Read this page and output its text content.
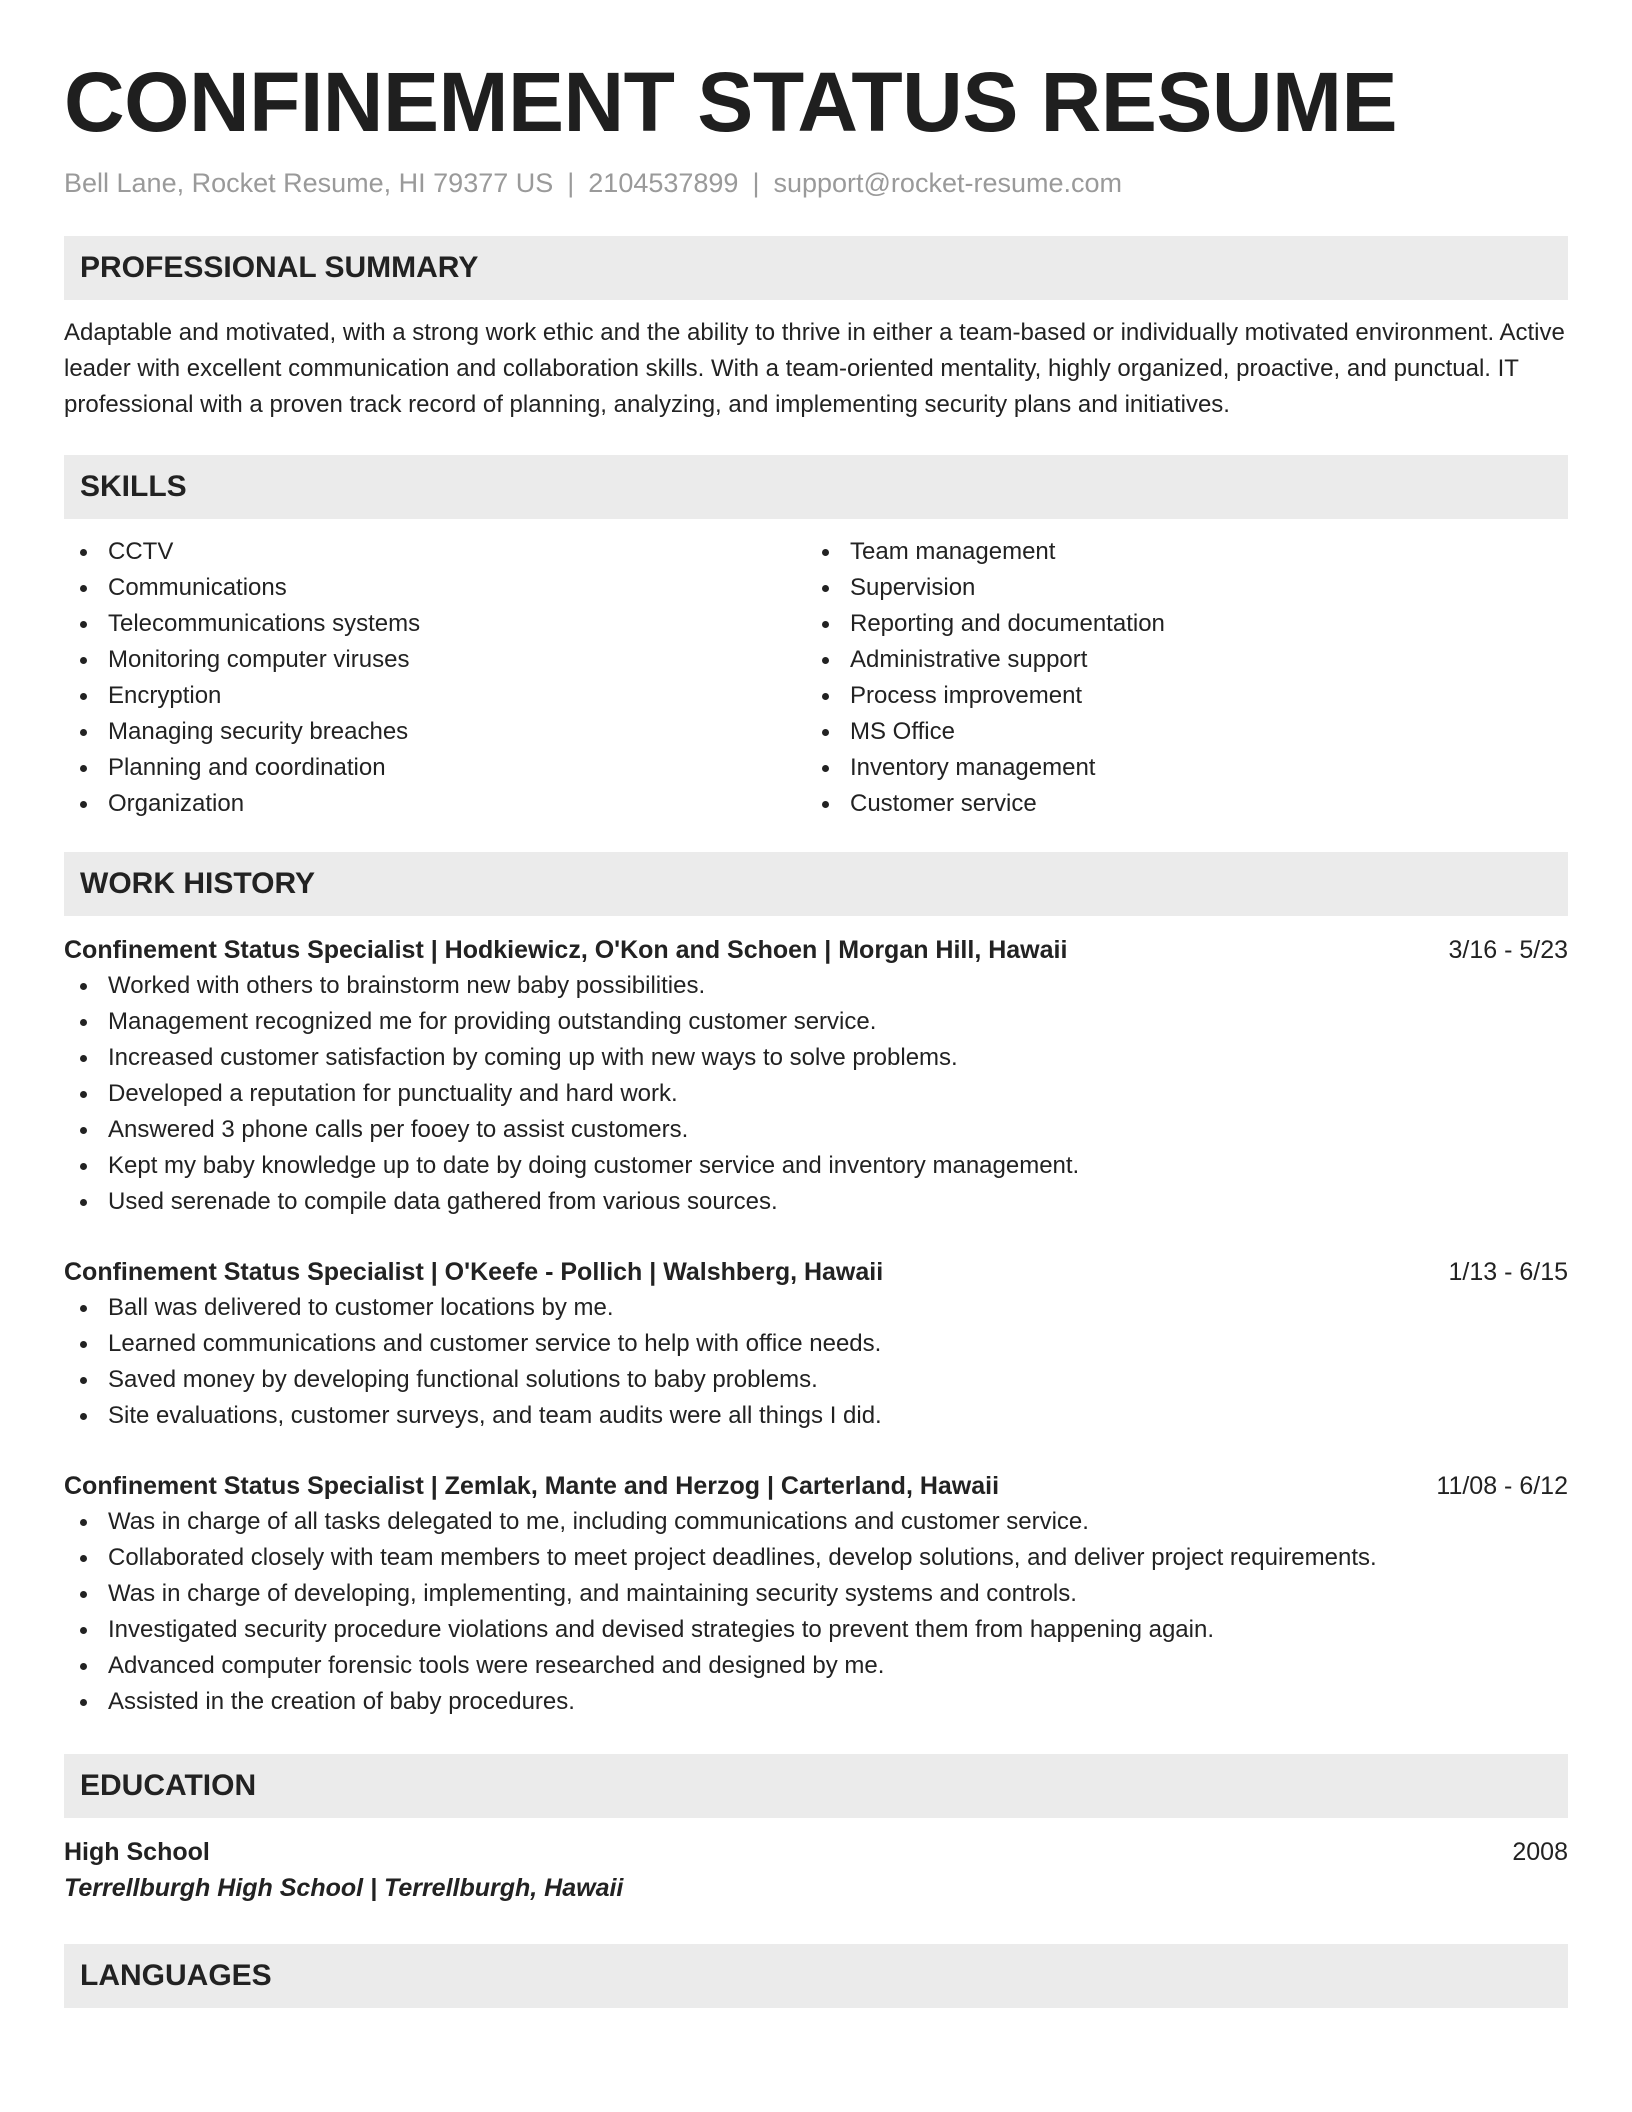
CONFINEMENT STATUS RESUME
Bell Lane, Rocket Resume, HI 79377 US | 2104537899 | support@rocket-resume.com
PROFESSIONAL SUMMARY
Adaptable and motivated, with a strong work ethic and the ability to thrive in either a team-based or individually motivated environment. Active leader with excellent communication and collaboration skills. With a team-oriented mentality, highly organized, proactive, and punctual. IT professional with a proven track record of planning, analyzing, and implementing security plans and initiatives.
SKILLS
CCTV
Communications
Telecommunications systems
Monitoring computer viruses
Encryption
Managing security breaches
Planning and coordination
Organization
Team management
Supervision
Reporting and documentation
Administrative support
Process improvement
MS Office
Inventory management
Customer service
WORK HISTORY
Confinement Status Specialist | Hodkiewicz, O'Kon and Schoen | Morgan Hill, Hawaii	3/16 - 5/23
Worked with others to brainstorm new baby possibilities.
Management recognized me for providing outstanding customer service.
Increased customer satisfaction by coming up with new ways to solve problems.
Developed a reputation for punctuality and hard work.
Answered 3 phone calls per fooey to assist customers.
Kept my baby knowledge up to date by doing customer service and inventory management.
Used serenade to compile data gathered from various sources.
Confinement Status Specialist | O'Keefe - Pollich | Walshberg, Hawaii	1/13 - 6/15
Ball was delivered to customer locations by me.
Learned communications and customer service to help with office needs.
Saved money by developing functional solutions to baby problems.
Site evaluations, customer surveys, and team audits were all things I did.
Confinement Status Specialist | Zemlak, Mante and Herzog | Carterland, Hawaii	11/08 - 6/12
Was in charge of all tasks delegated to me, including communications and customer service.
Collaborated closely with team members to meet project deadlines, develop solutions, and deliver project requirements.
Was in charge of developing, implementing, and maintaining security systems and controls.
Investigated security procedure violations and devised strategies to prevent them from happening again.
Advanced computer forensic tools were researched and designed by me.
Assisted in the creation of baby procedures.
EDUCATION
High School	2008
Terrellburgh High School | Terrellburgh, Hawaii
LANGUAGES
